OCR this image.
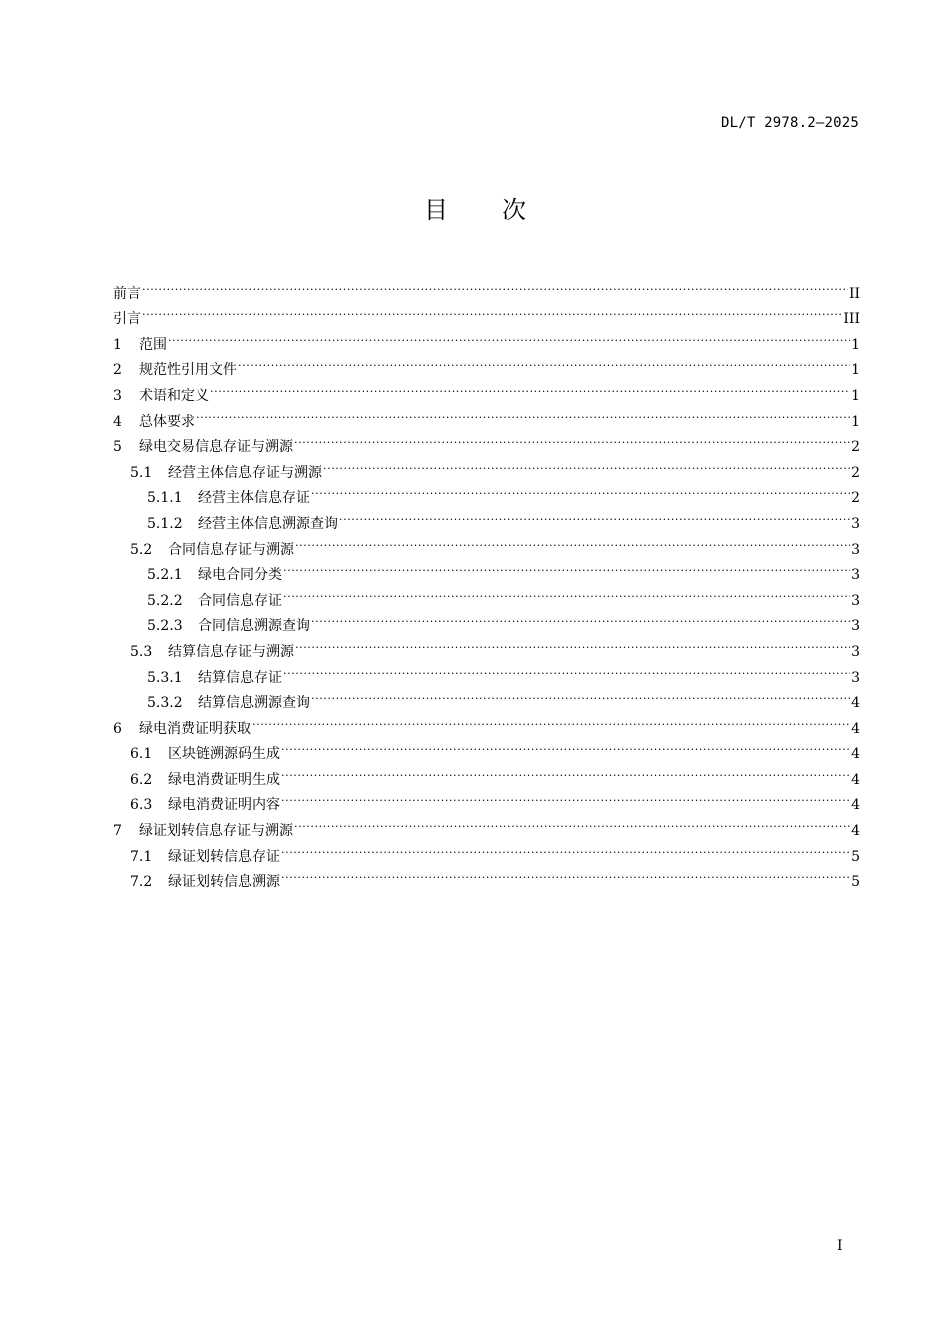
DL/T 2978.2—2025
目次
前言 .....	II
引言 .....	III
1	范围 .....	1
2	规范性引用文件 .....	1
3	术语和定义 .....	1
4	总体要求 .....	1
5	绿电交易信息存证与溯源 .....	2
5.1	经营主体信息存证与溯源 .....	2
5.1.1	经营主体信息存证 .....	2
5.1.2	经营主体信息溯源查询 .....	3
5.2	合同信息存证与溯源 .....	3
5.2.1	绿电合同分类 .....	3
5.2.2	合同信息存证 .....	3
5.2.3	合同信息溯源查询 .....	3
5.3	结算信息存证与溯源 .....	3
5.3.1	结算信息存证 .....	3
5.3.2	结算信息溯源查询 .....	4
6	绿电消费证明获取 .....	4
6.1	区块链溯源码生成 .....	4
6.2	绿电消费证明生成 .....	4
6.3	绿电消费证明内容 .....	4
7	绿证划转信息存证与溯源 .....	4
7.1	绿证划转信息存证 .....	5
7.2	绿证划转信息溯源 .....	5
I
